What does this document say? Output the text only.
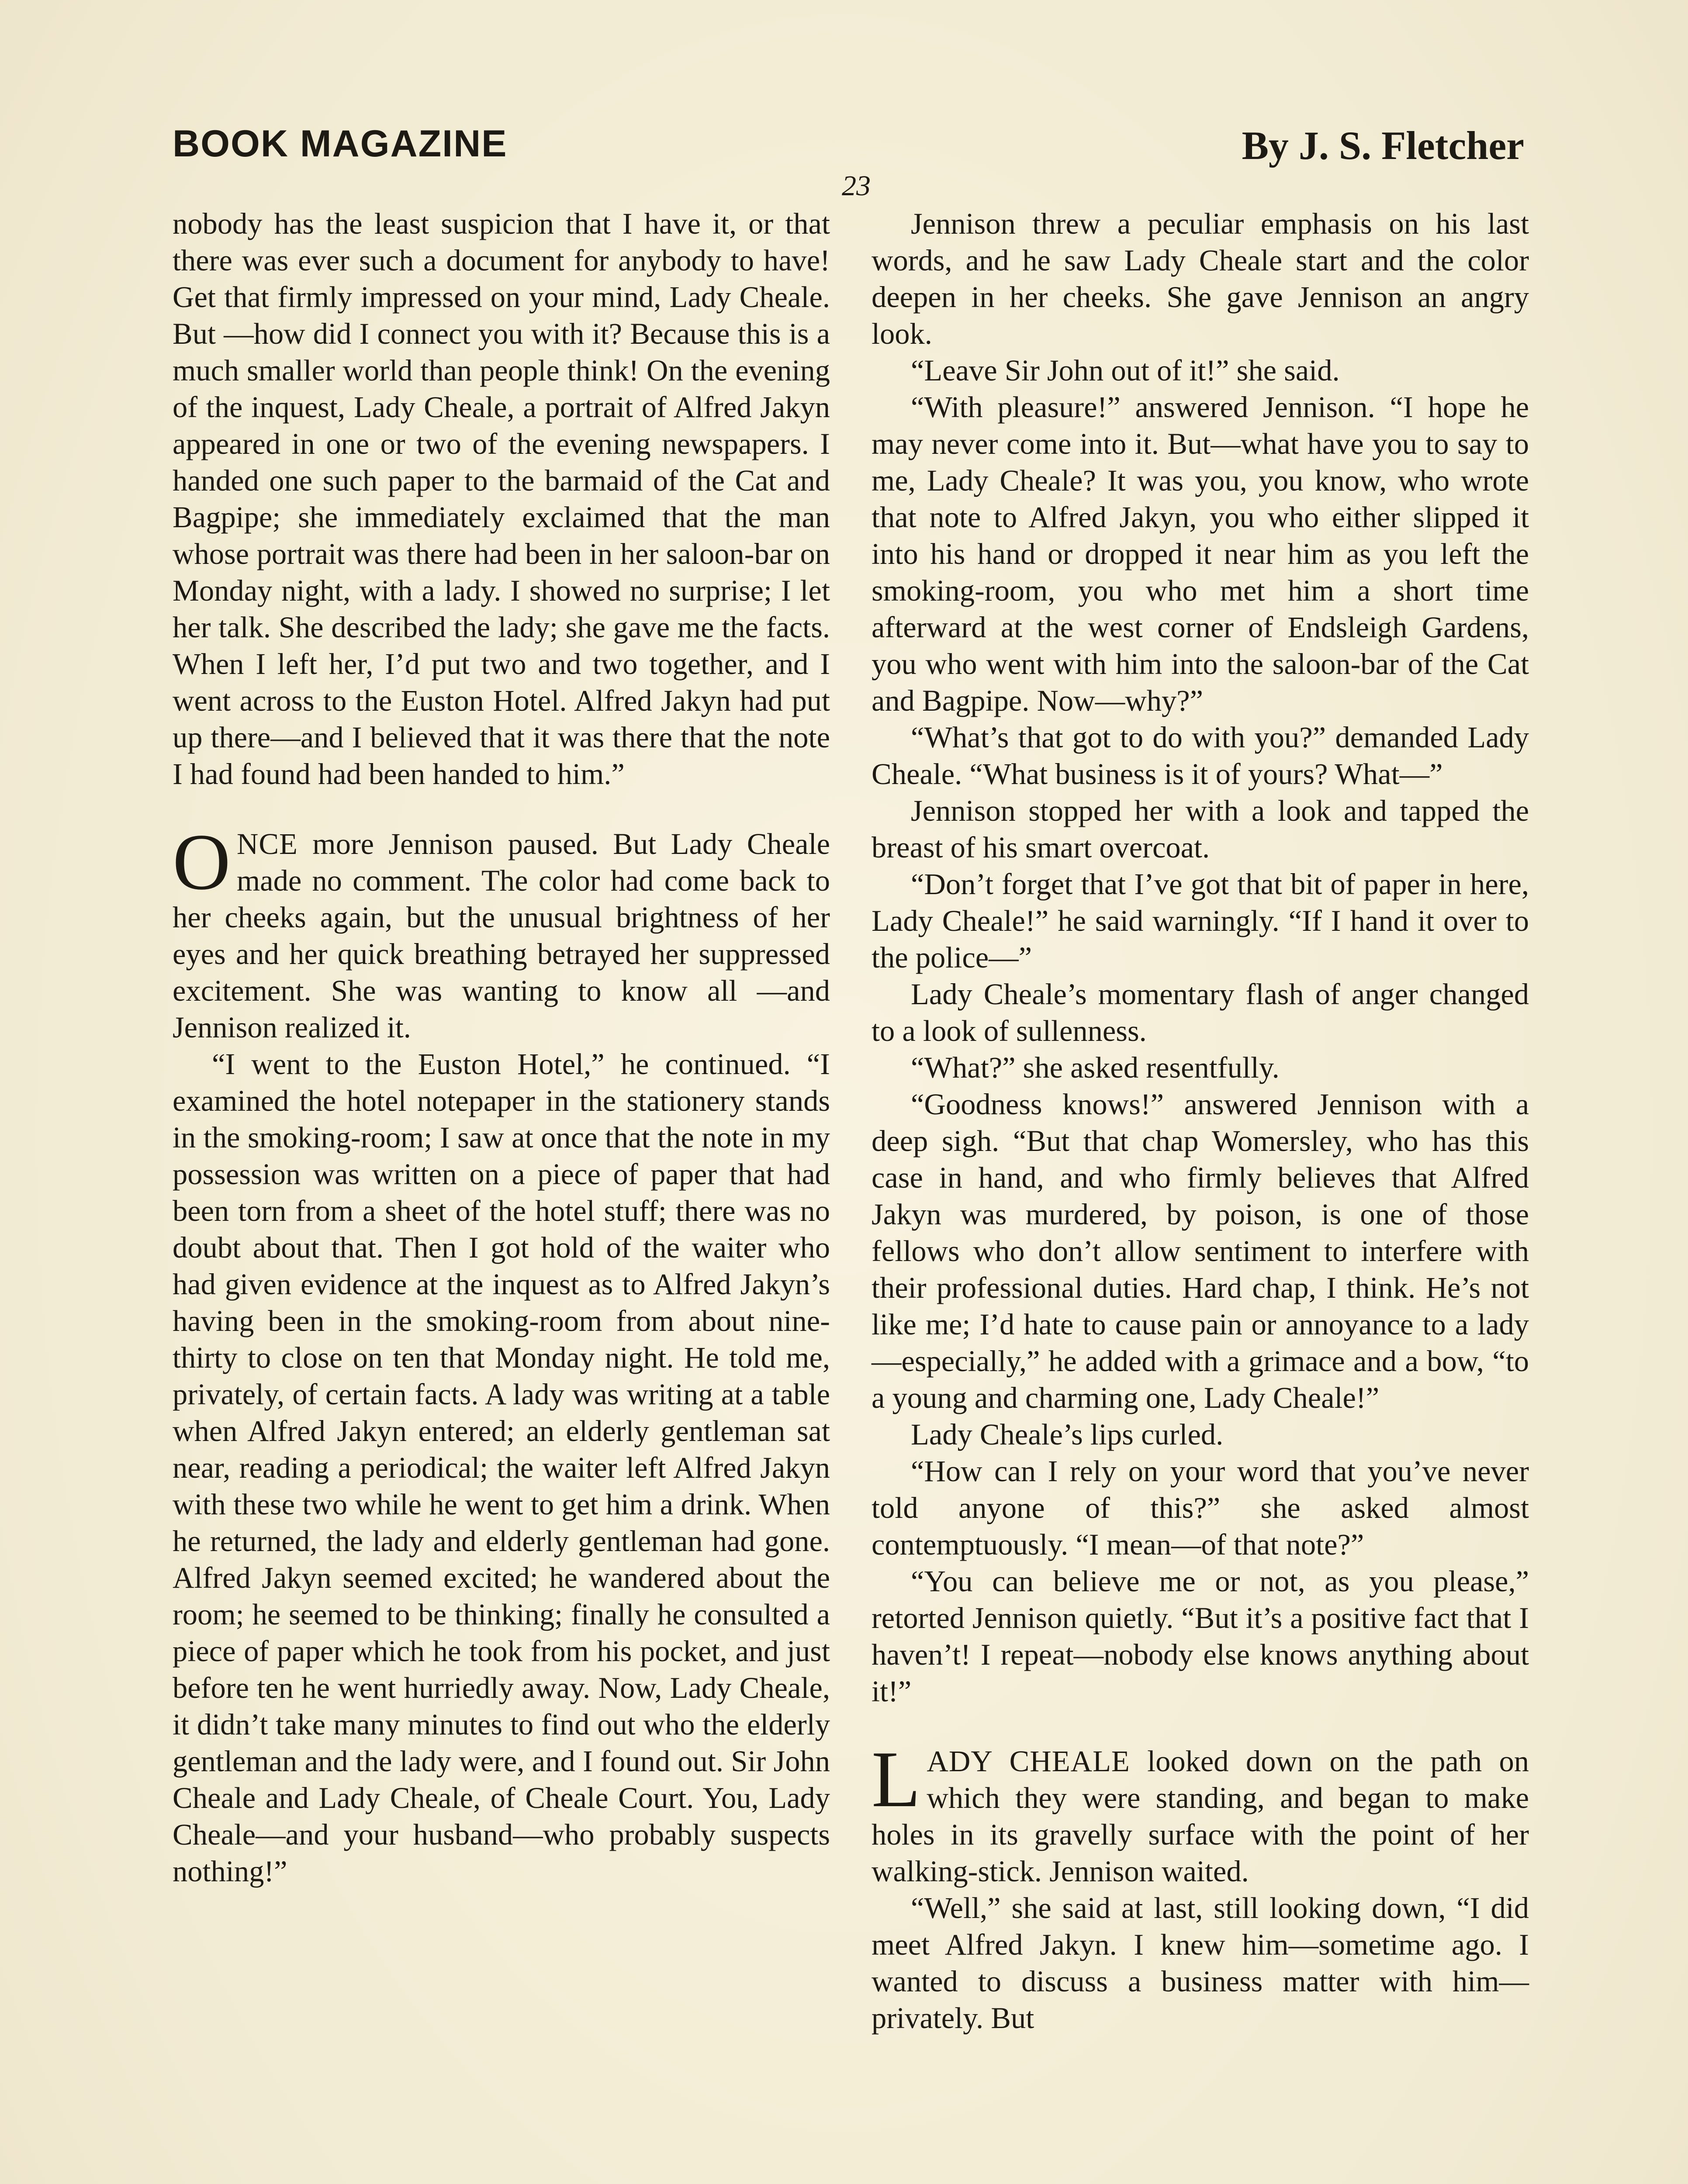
BOOK MAGAZINE	By J. S. Fletcher
23

nobody has the least suspicion that I have it, or that there was ever such a document for anybody to have! Get that firmly impressed on your mind, Lady Cheale. But —how did I connect you with it? Because this is a much smaller world than people think! On the evening of the inquest, Lady Cheale, a portrait of Alfred Jakyn appeared in one or two of the evening newspapers. I handed one such paper to the barmaid of the Cat and Bagpipe; she immediately exclaimed that the man whose portrait was there had been in her saloon-bar on Monday night, with a lady. I showed no surprise; I let her talk. She described the lady; she gave me the facts. When I left her, I’d put two and two together, and I went across to the Euston Hotel. Alfred Jakyn had put up there—and I believed that it was there that the note I had found had been handed to him.”

ONCE more Jennison paused. But Lady Cheale made no comment. The color had come back to her cheeks again, but the unusual brightness of her eyes and her quick breathing betrayed her suppressed excitement. She was wanting to know all —and Jennison realized it.

“I went to the Euston Hotel,” he continued. “I examined the hotel notepaper in the stationery stands in the smoking-room; I saw at once that the note in my possession was written on a piece of paper that had been torn from a sheet of the hotel stuff; there was no doubt about that. Then I got hold of the waiter who had given evidence at the inquest as to Alfred Jakyn’s having been in the smoking-room from about nine-thirty to close on ten that Monday night. He told me, privately, of certain facts. A lady was writing at a table when Alfred Jakyn entered; an elderly gentleman sat near, reading a periodical; the waiter left Alfred Jakyn with these two while he went to get him a drink. When he returned, the lady and elderly gentleman had gone. Alfred Jakyn seemed excited; he wandered about the room; he seemed to be thinking; finally he consulted a piece of paper which he took from his pocket, and just before ten he went hurriedly away. Now, Lady Cheale, it didn’t take many minutes to find out who the elderly gentleman and the lady were, and I found out. Sir John Cheale and Lady Cheale, of Cheale Court. You, Lady Cheale—and your husband—who probably suspects nothing!”

Jennison threw a peculiar emphasis on his last words, and he saw Lady Cheale start and the color deepen in her cheeks. She gave Jennison an angry look.

“Leave Sir John out of it!” she said.

“With pleasure!” answered Jennison. “I hope he may never come into it. But—what have you to say to me, Lady Cheale? It was you, you know, who wrote that note to Alfred Jakyn, you who either slipped it into his hand or dropped it near him as you left the smoking-room, you who met him a short time afterward at the west corner of Endsleigh Gardens, you who went with him into the saloon-bar of the Cat and Bagpipe. Now—why?”

“What’s that got to do with you?” demanded Lady Cheale. “What business is it of yours? What—”

Jennison stopped her with a look and tapped the breast of his smart overcoat.

“Don’t forget that I’ve got that bit of paper in here, Lady Cheale!” he said warningly. “If I hand it over to the police—”

Lady Cheale’s momentary flash of anger changed to a look of sullenness.

“What?” she asked resentfully.

“Goodness knows!” answered Jennison with a deep sigh. “But that chap Womersley, who has this case in hand, and who firmly believes that Alfred Jakyn was murdered, by poison, is one of those fellows who don’t allow sentiment to interfere with their professional duties. Hard chap, I think. He’s not like me; I’d hate to cause pain or annoyance to a lady—especially,” he added with a grimace and a bow, “to a young and charming one, Lady Cheale!”

Lady Cheale’s lips curled.

“How can I rely on your word that you’ve never told anyone of this?” she asked almost contemptuously. “I mean—of that note?”

“You can believe me or not, as you please,” retorted Jennison quietly. “But it’s a positive fact that I haven’t! I repeat—nobody else knows anything about it!”

LADY CHEALE looked down on the path on which they were standing, and began to make holes in its gravelly surface with the point of her walking-stick. Jennison waited.

“Well,” she said at last, still looking down, “I did meet Alfred Jakyn. I knew him—sometime ago. I wanted to discuss a business matter with him—privately. But
